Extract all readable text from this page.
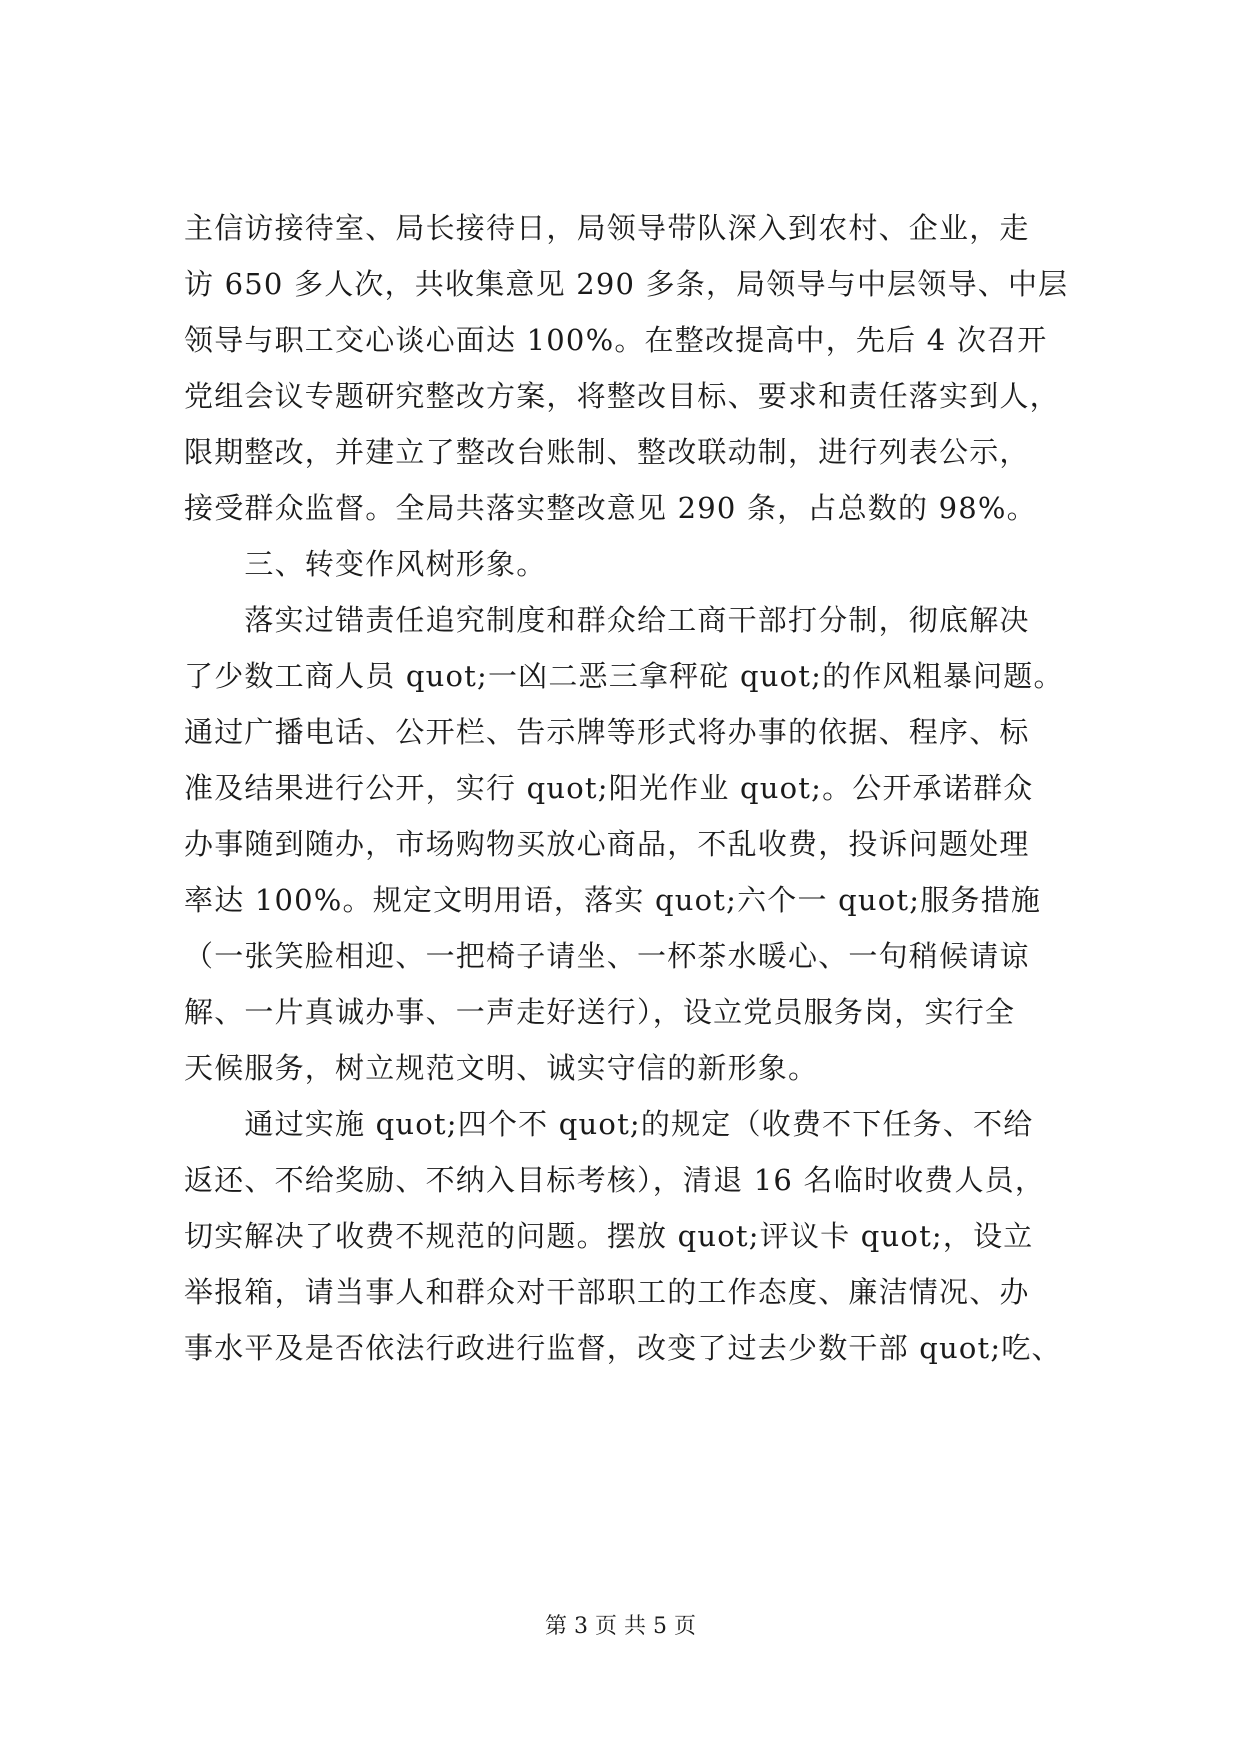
主信访接待室、局长接待日，局领导带队深入到农村、企业，走
访 650 多人次，共收集意见 290 多条，局领导与中层领导、中层
领导与职工交心谈心面达 100%。在整改提高中，先后 4 次召开
党组会议专题研究整改方案，将整改目标、要求和责任落实到人，
限期整改，并建立了整改台账制、整改联动制，进行列表公示，
接受群众监督。全局共落实整改意见 290 条，占总数的 98%。
　　三、转变作风树形象。
　　落实过错责任追究制度和群众给工商干部打分制，彻底解决
了少数工商人员 quot;一凶二恶三拿秤砣 quot;的作风粗暴问题。
通过广播电话、公开栏、告示牌等形式将办事的依据、程序、标
准及结果进行公开，实行 quot;阳光作业 quot;。公开承诺群众
办事随到随办，市场购物买放心商品，不乱收费，投诉问题处理
率达 100%。规定文明用语，落实 quot;六个一 quot;服务措施
（一张笑脸相迎、一把椅子请坐、一杯茶水暖心、一句稍候请谅
解、一片真诚办事、一声走好送行），设立党员服务岗，实行全
天候服务，树立规范文明、诚实守信的新形象。
　　通过实施 quot;四个不 quot;的规定（收费不下任务、不给
返还、不给奖励、不纳入目标考核），清退 16 名临时收费人员，
切实解决了收费不规范的问题。摆放 quot;评议卡 quot;，设立
举报箱，请当事人和群众对干部职工的工作态度、廉洁情况、办
事水平及是否依法行政进行监督，改变了过去少数干部 quot;吃、
第 3 页 共 5 页
